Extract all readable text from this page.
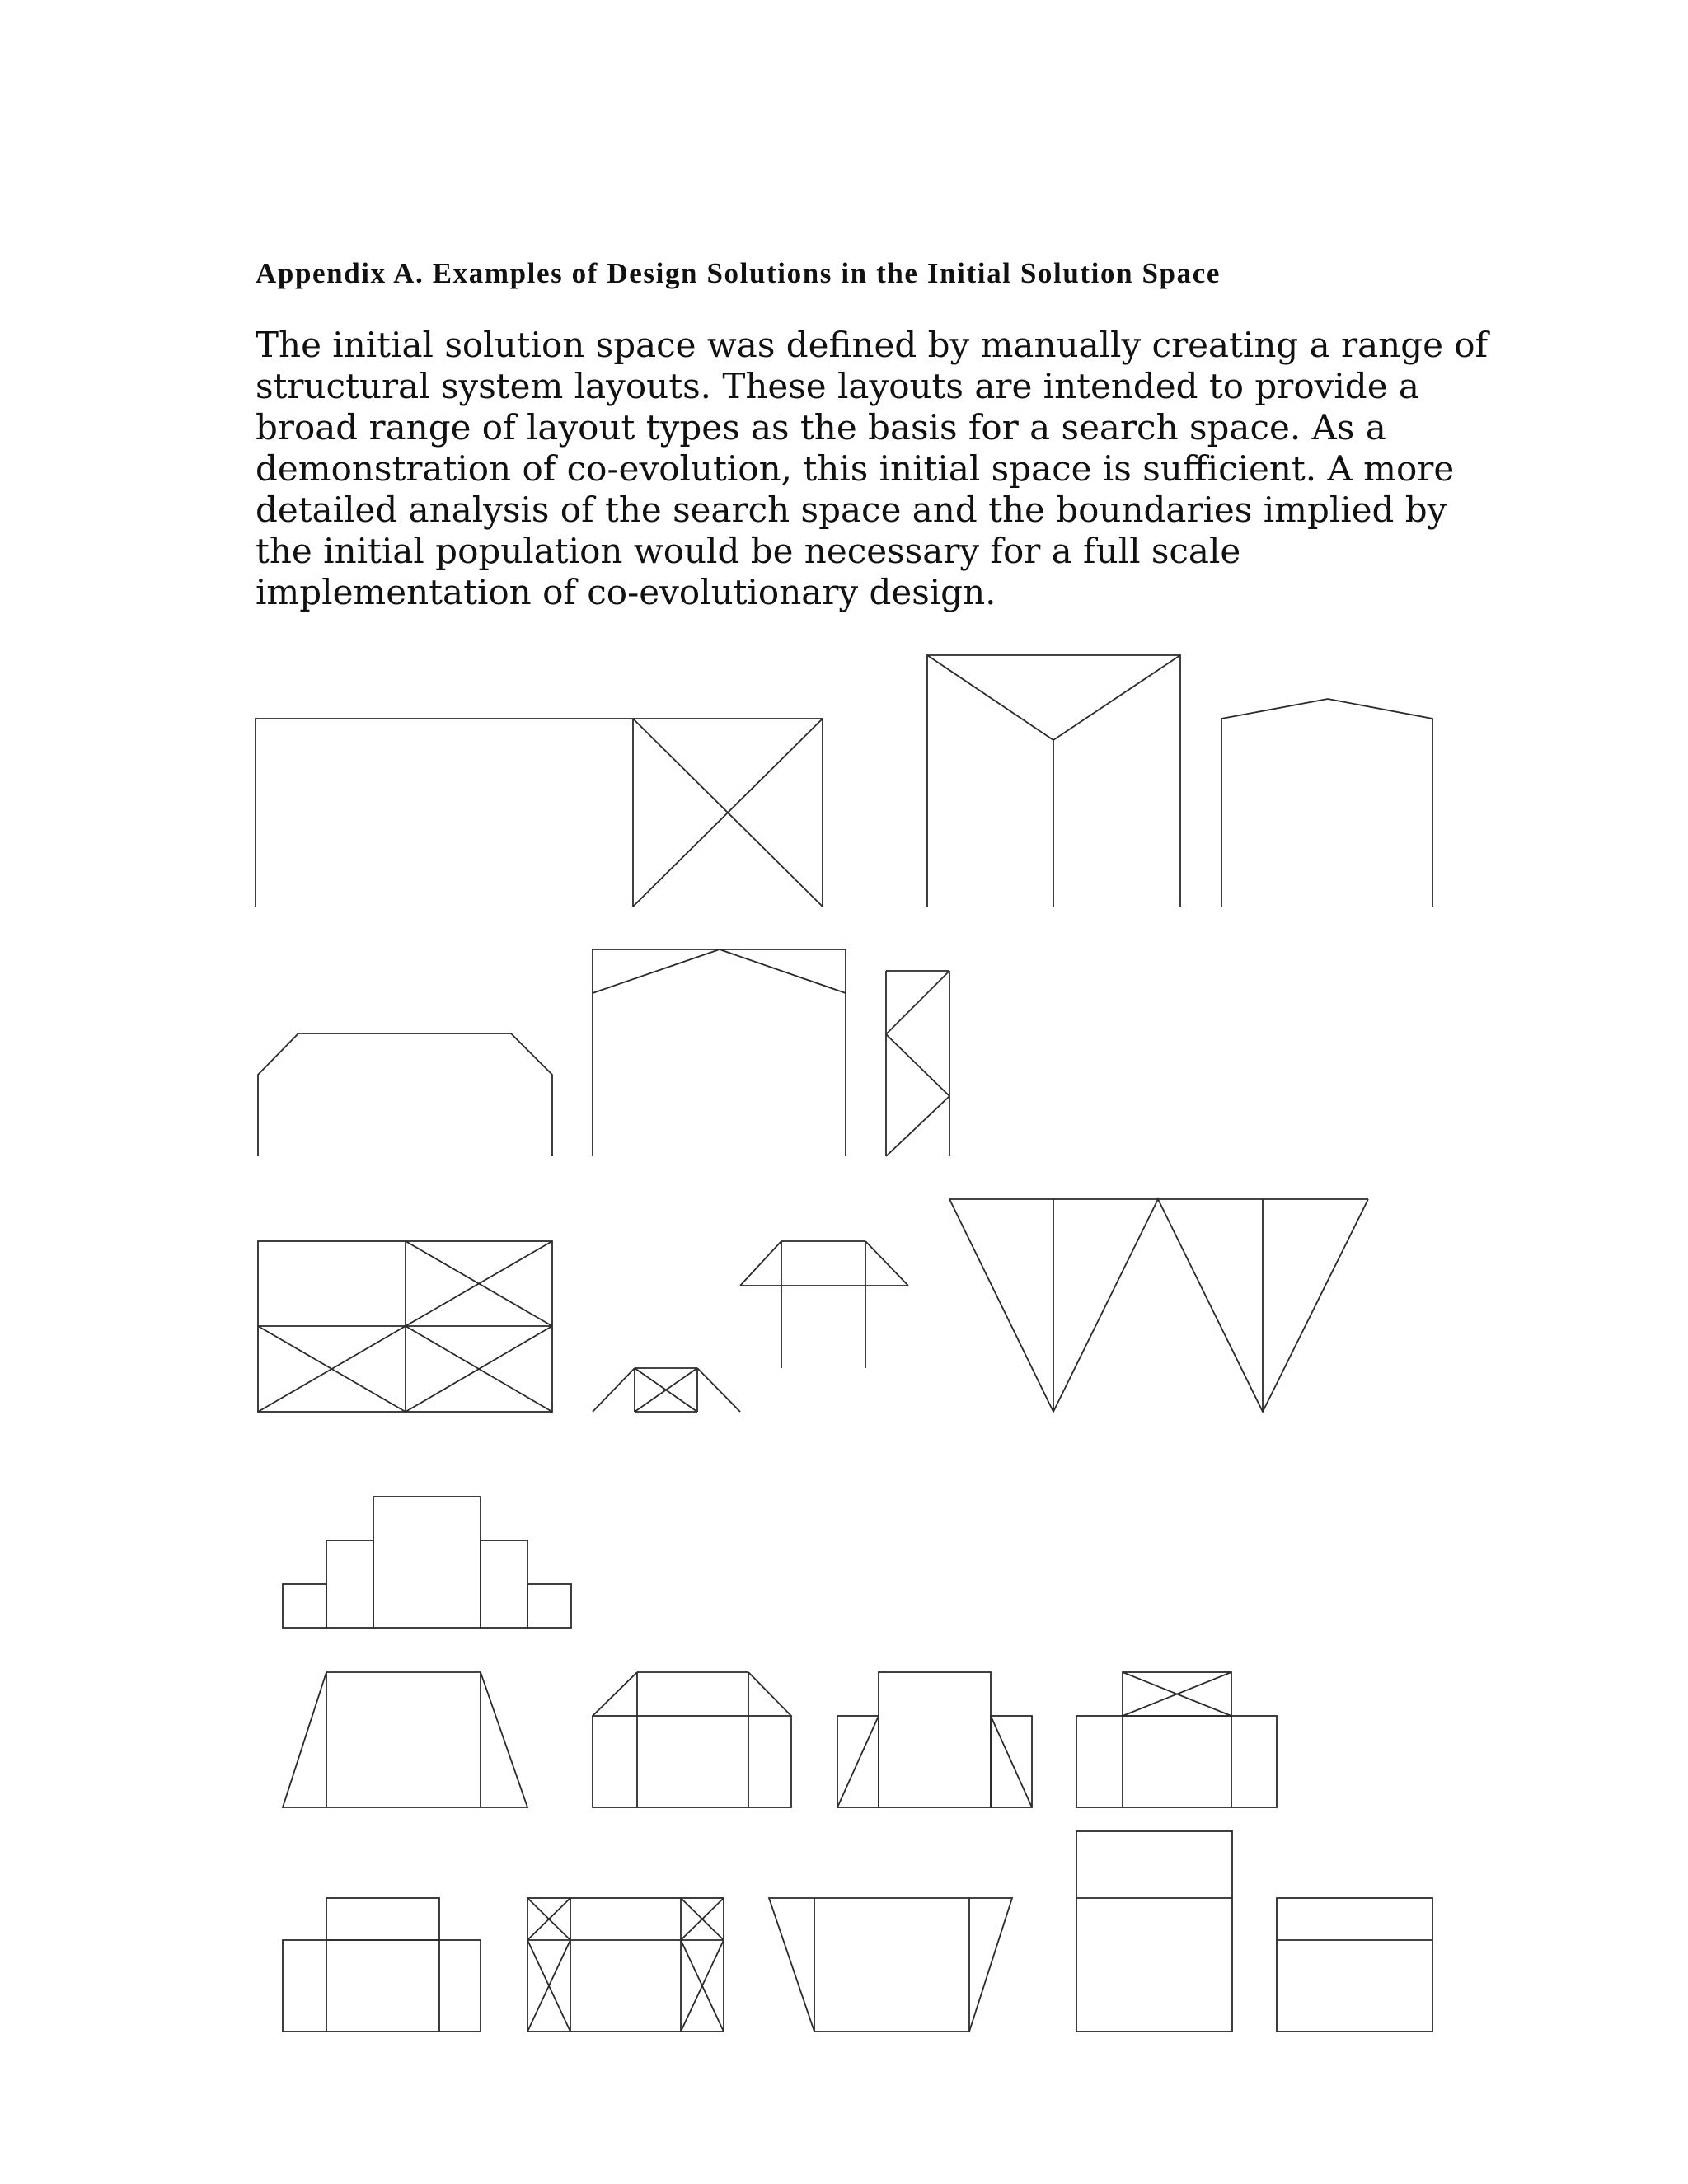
Appendix A. Examples of Design Solutions in the Initial Solution Space

The initial solution space was defined by manually creating a range of
structural system layouts. These layouts are intended to provide a
broad range of layout types as the basis for a search space. As a
demonstration of co-evolution, this initial space is sufficient. A more
detailed analysis of the search space and the boundaries implied by
the initial population would be necessary for a full scale
implementation of co-evolutionary design.
